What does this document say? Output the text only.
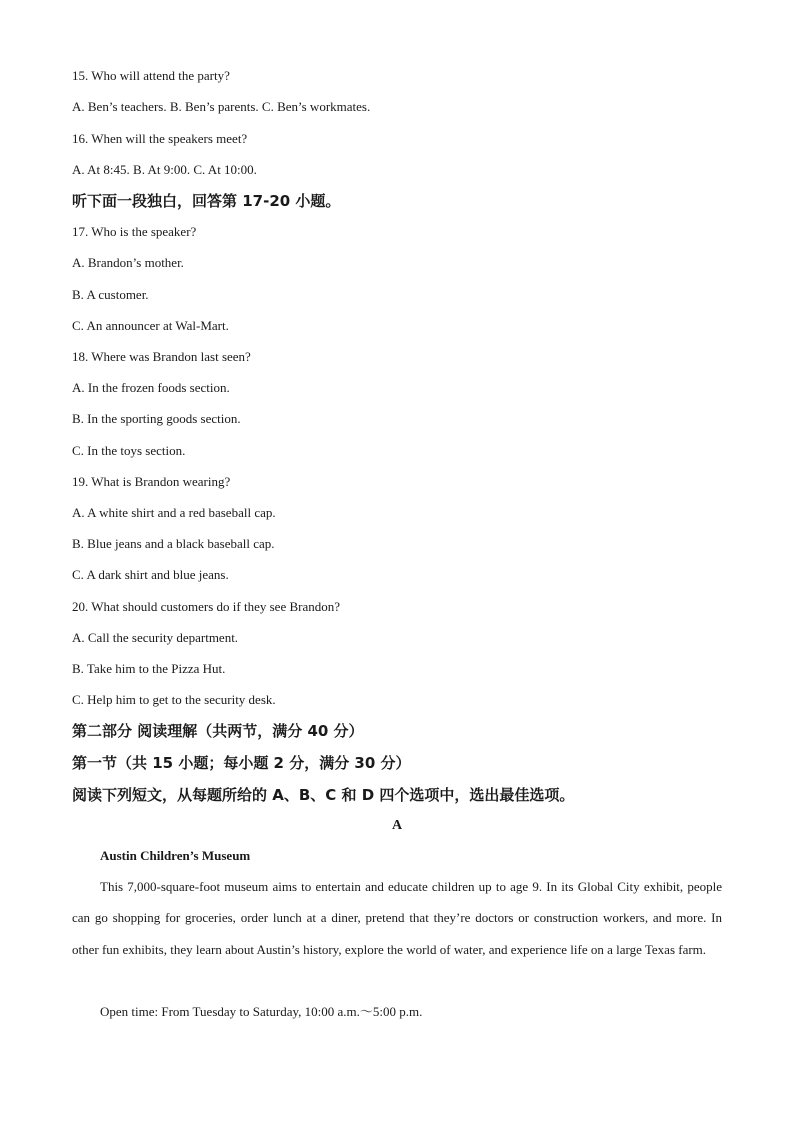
15. Who will attend the party?
A. Ben’s teachers. B. Ben’s parents. C. Ben’s workmates.
16. When will the speakers meet?
A. At 8:45. B. At 9:00. C. At 10:00.
听下面一段独白，回答第 17-20 小题。
17. Who is the speaker?
A. Brandon’s mother.
B. A customer.
C. An announcer at Wal-Mart.
18. Where was Brandon last seen?
A. In the frozen foods section.
B. In the sporting goods section.
C. In the toys section.
19. What is Brandon wearing?
A. A white shirt and a red baseball cap.
B. Blue jeans and a black baseball cap.
C. A dark shirt and blue jeans.
20. What should customers do if they see Brandon?
A. Call the security department.
B. Take him to the Pizza Hut.
C. Help him to get to the security desk.
第二部分 阅读理解（共两节，满分 40 分）
第一节（共 15 小题；每小题 2 分，满分 30 分）
阅读下列短文，从每题所给的 A、B、C 和 D 四个选项中，选出最佳选项。
A
Austin Children’s Museum
This 7,000-square-foot museum aims to entertain and educate children up to age 9. In its Global City exhibit, people can go shopping for groceries, order lunch at a diner, pretend that they’re doctors or construction workers, and more. In other fun exhibits, they learn about Austin’s history, explore the world of water, and experience life on a large Texas farm.
Open time: From Tuesday to Saturday, 10:00 a.m.～5:00 p.m.
